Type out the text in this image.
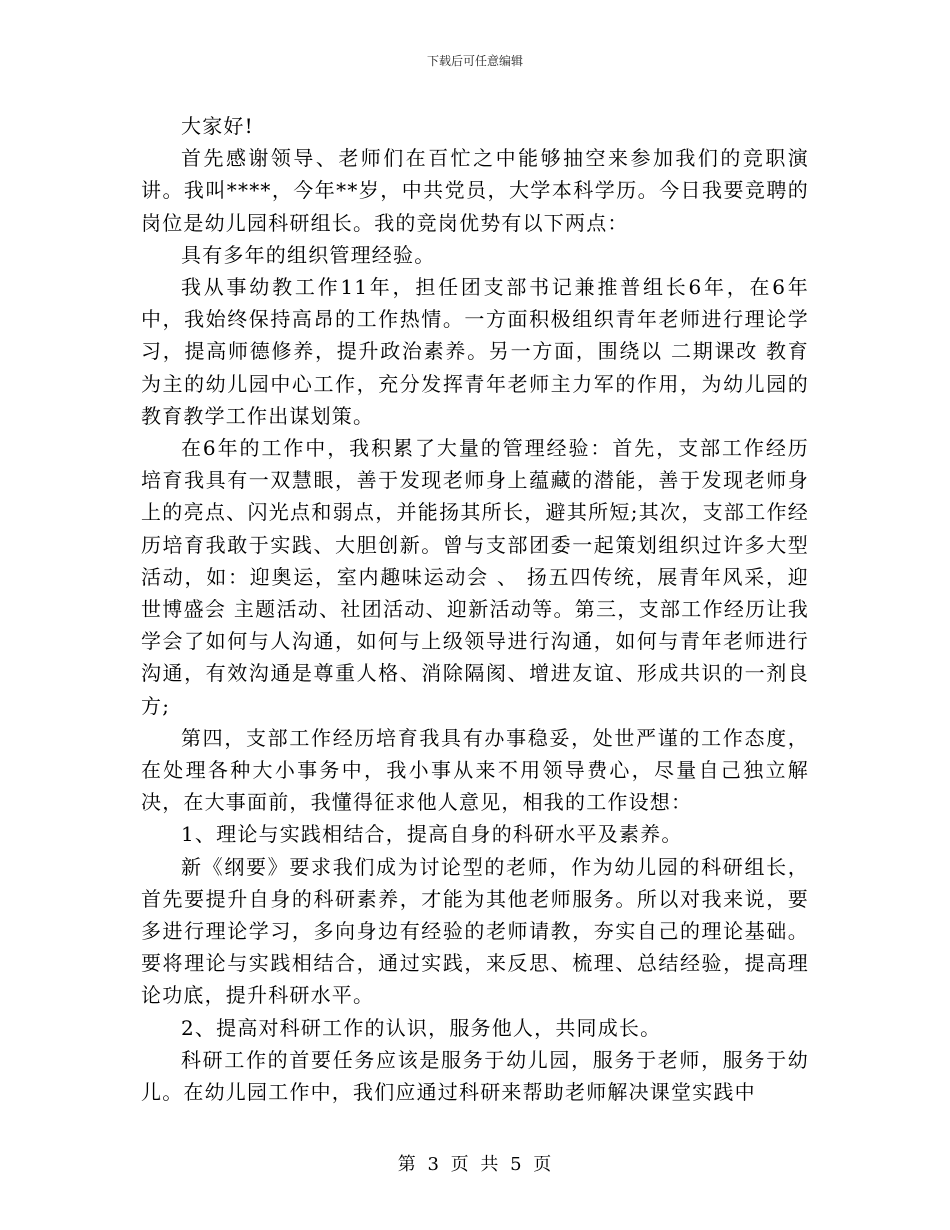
下载后可任意编辑

大家好!

首先感谢领导、老师们在百忙之中能够抽空来参加我们的竞职演讲。我叫****，今年**岁，中共党员，大学本科学历。今日我要竞聘的岗位是幼儿园科研组长。我的竞岗优势有以下两点：

具有多年的组织管理经验。

我从事幼教工作11年，担任团支部书记兼推普组长6年，在6年中，我始终保持高昂的工作热情。一方面积极组织青年老师进行理论学习，提高师德修养，提升政治素养。另一方面，围绕以 二期课改 教育为主的幼儿园中心工作，充分发挥青年老师主力军的作用，为幼儿园的教育教学工作出谋划策。

在6年的工作中，我积累了大量的管理经验：首先，支部工作经历培育我具有一双慧眼，善于发现老师身上蕴藏的潜能，善于发现老师身上的亮点、闪光点和弱点，并能扬其所长，避其所短;其次，支部工作经历培育我敢于实践、大胆创新。曾与支部团委一起策划组织过许多大型活动，如：迎奥运，室内趣味运动会 、 扬五四传统，展青年风采，迎世博盛会 主题活动、社团活动、迎新活动等。第三，支部工作经历让我学会了如何与人沟通，如何与上级领导进行沟通，如何与青年老师进行沟通，有效沟通是尊重人格、消除隔阂、增进友谊、形成共识的一剂良方;

第四，支部工作经历培育我具有办事稳妥，处世严谨的工作态度，在处理各种大小事务中，我小事从来不用领导费心，尽量自己独立解决，在大事面前，我懂得征求他人意见，相我的工作设想：

1、理论与实践相结合，提高自身的科研水平及素养。

新《纲要》要求我们成为讨论型的老师，作为幼儿园的科研组长，首先要提升自身的科研素养，才能为其他老师服务。所以对我来说，要多进行理论学习，多向身边有经验的老师请教，夯实自己的理论基础。要将理论与实践相结合，通过实践，来反思、梳理、总结经验，提高理论功底，提升科研水平。

2、提高对科研工作的认识，服务他人，共同成长。

科研工作的首要任务应该是服务于幼儿园，服务于老师，服务于幼儿。在幼儿园工作中，我们应通过科研来帮助老师解决课堂实践中

第 3 页 共 5 页
